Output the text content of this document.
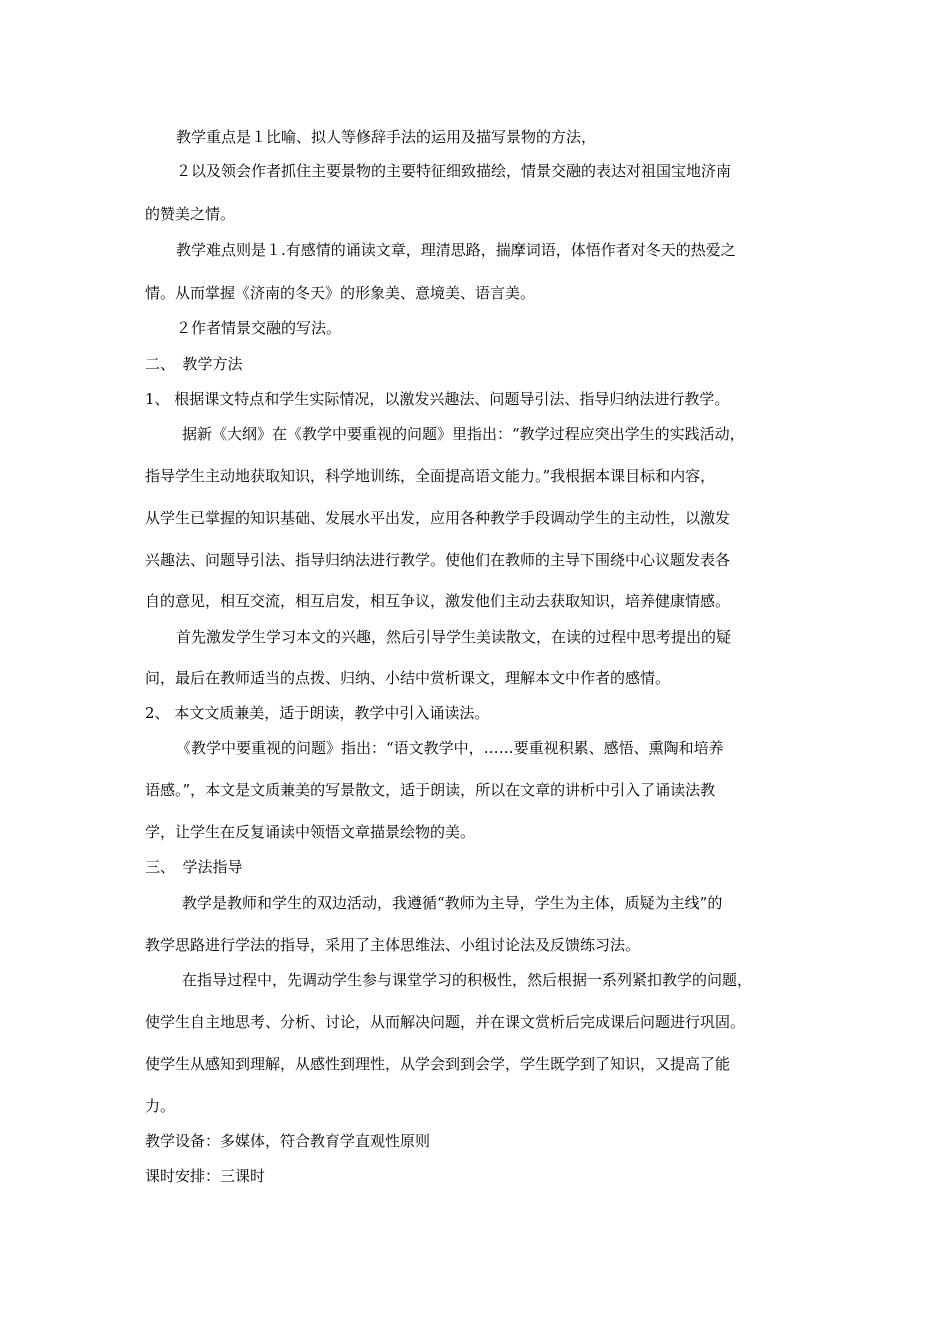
教学重点是１比喻、拟人等修辞手法的运用及描写景物的方法，
２以及领会作者抓住主要景物的主要特征细致描绘，情景交融的表达对祖国宝地济南
的赞美之情。
教学难点则是１.有感情的诵读文章，理清思路，揣摩词语，体悟作者对冬天的热爱之
情。从而掌握《济南的冬天》的形象美、意境美、语言美。
２作者情景交融的写法。
二、　教学方法
1、 根据课文特点和学生实际情况，以激发兴趣法、问题导引法、指导归纳法进行教学。
据新《大纲》在《教学中要重视的问题》里指出：“教学过程应突出学生的实践活动，
指导学生主动地获取知识，科学地训练，全面提高语文能力。”我根据本课目标和内容，
从学生已掌握的知识基础、发展水平出发，应用各种教学手段调动学生的主动性，以激发
兴趣法、问题导引法、指导归纳法进行教学。使他们在教师的主导下围绕中心议题发表各
自的意见，相互交流，相互启发，相互争议，激发他们主动去获取知识，培养健康情感。
首先激发学生学习本文的兴趣，然后引导学生美读散文，在读的过程中思考提出的疑
问，最后在教师适当的点拨、归纳、小结中赏析课文，理解本文中作者的感情。
2、 本文文质兼美，适于朗读，教学中引入诵读法。
《教学中要重视的问题》指出：“语文教学中，……要重视积累、感悟、熏陶和培养
语感。”，本文是文质兼美的写景散文，适于朗读，所以在文章的讲析中引入了诵读法教
学，让学生在反复诵读中领悟文章描景绘物的美。
三、　学法指导
教学是教师和学生的双边活动，我遵循“教师为主导，学生为主体，质疑为主线”的
教学思路进行学法的指导，采用了主体思维法、小组讨论法及反馈练习法。
在指导过程中，先调动学生参与课堂学习的积极性，然后根据一系列紧扣教学的问题，
使学生自主地思考、分析、讨论，从而解决问题，并在课文赏析后完成课后问题进行巩固。
使学生从感知到理解，从感性到理性，从学会到到会学，学生既学到了知识，又提高了能
力。
教学设备：多媒体，符合教育学直观性原则
课时安排：三课时
